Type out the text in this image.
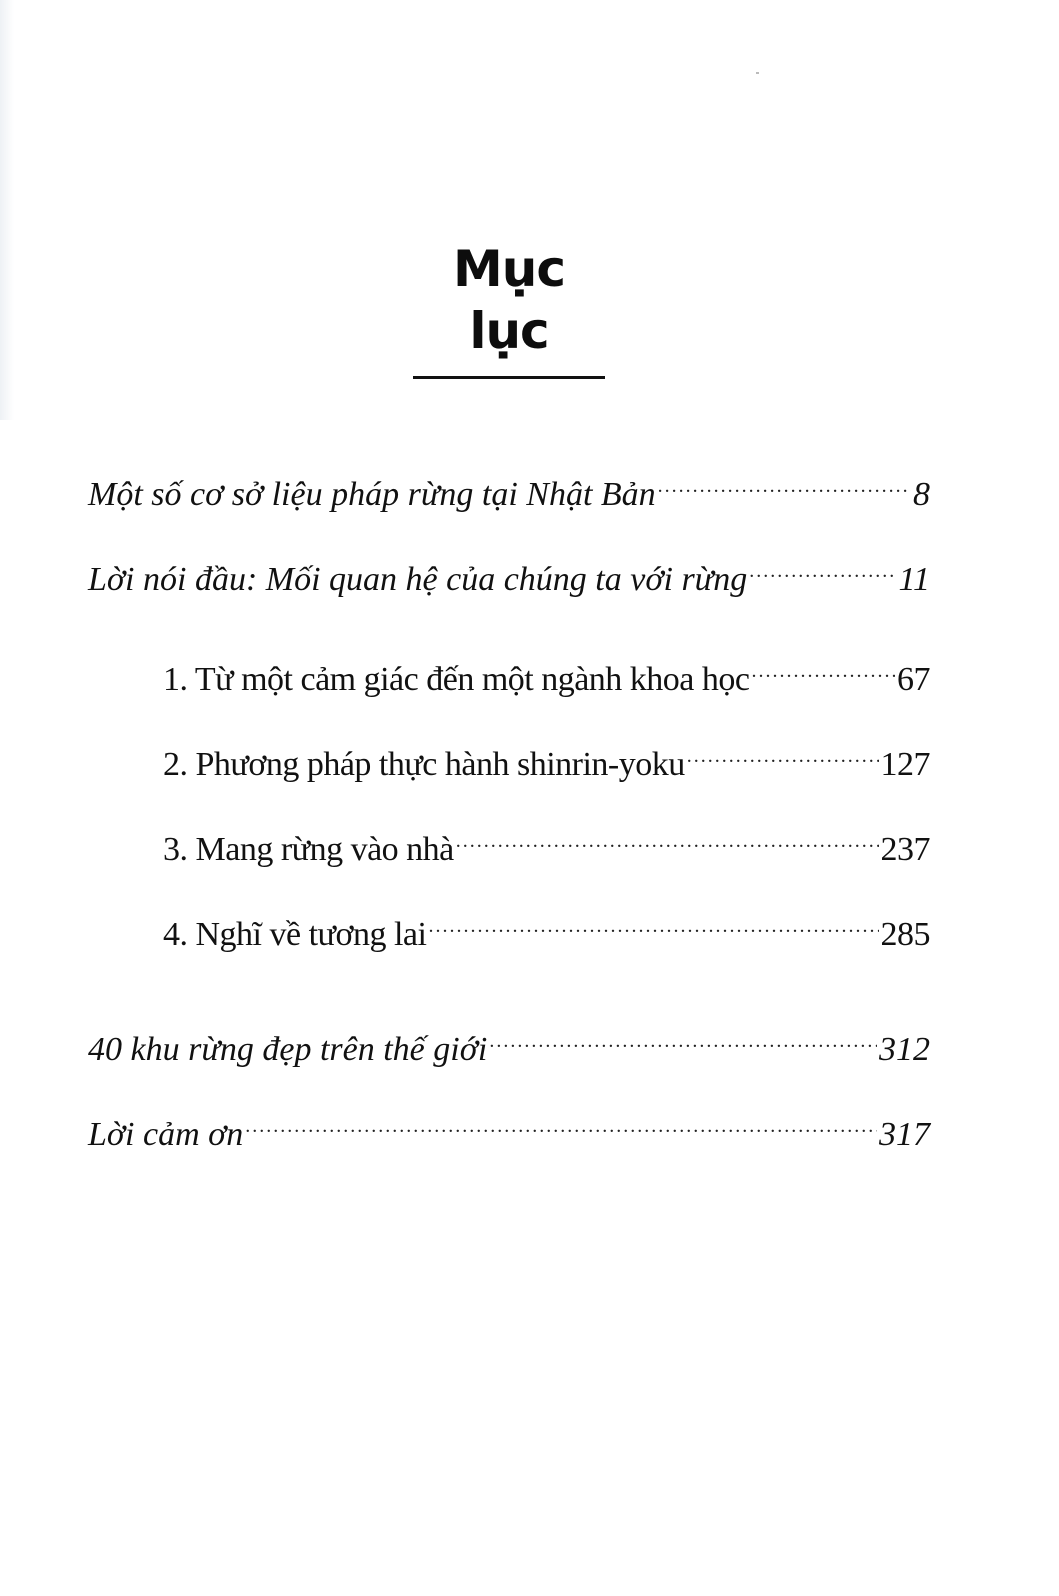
Mục lục
Một số cơ sở liệu pháp rừng tại Nhật Bản .....	8
Lời nói đầu: Mối quan hệ của chúng ta với rừng .....	11
1. Từ một cảm giác đến một ngành khoa học .....	67
2. Phương pháp thực hành shinrin-yoku .....	127
3. Mang rừng vào nhà .....	237
4. Nghĩ về tương lai .....	285
40 khu rừng đẹp trên thế giới .....	312
Lời cảm ơn .....	317
